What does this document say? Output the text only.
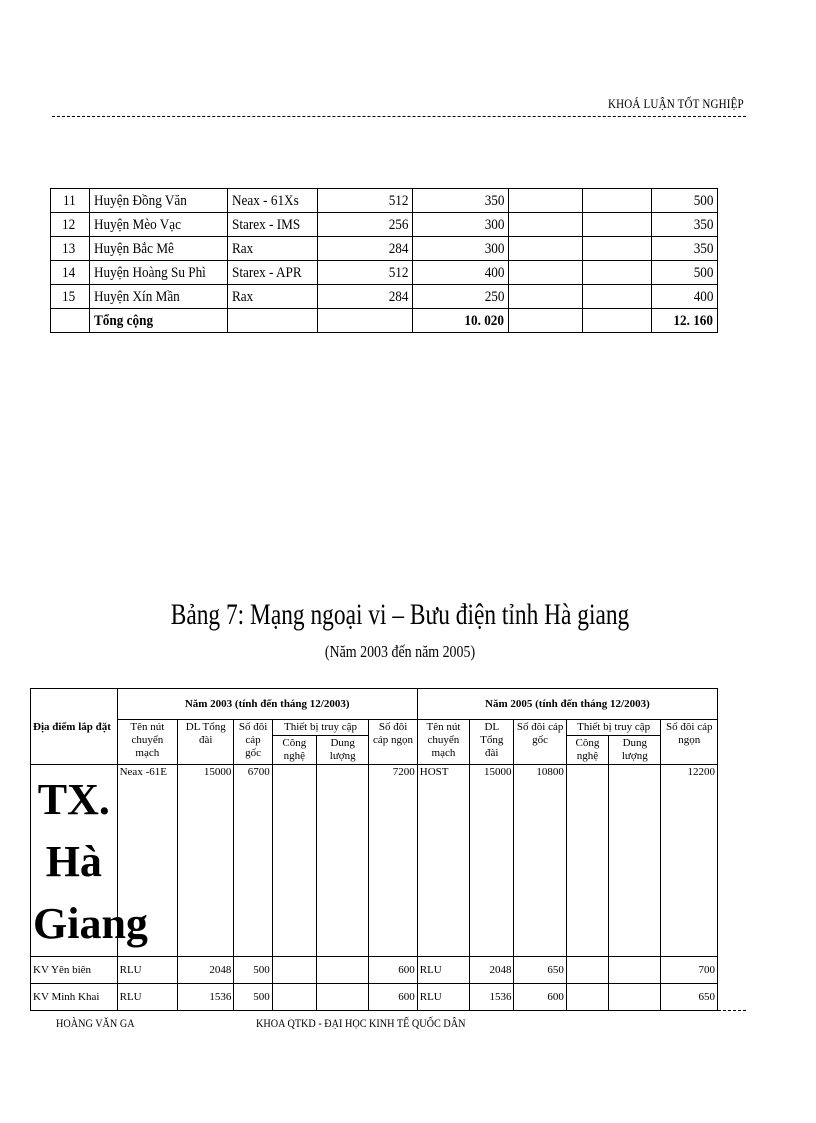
KHOÁ LUẬN TỐT NGHIỆP
11	Huyện Đồng Văn	Neax - 61Xs	512	350			500
12	Huyện Mèo Vạc	Starex - IMS	256	300			350
13	Huyện Bắc Mê	Rax	284	300			350
14	Huyện Hoàng Su Phì	Starex - APR	512	400			500
15	Huyện Xín Mần	Rax	284	250			400
	Tổng cộng			10. 020			12. 160
Bảng 7: Mạng ngoại vi – Bưu điện tỉnh Hà giang
(Năm 2003 đến năm 2005)
Địa điểm lắp đặt	Năm 2003 (tính đến tháng 12/2003)						Năm 2005 (tính đến tháng 12/2003)					
	Tên nút chuyển mạch	DL Tổng đài	Số đôi cáp gốc	Thiết bị truy cập		Số đôi cáp ngọn	Tên nút chuyển mạch	DL Tổng đài	Số đôi cáp gốc	Thiết bị truy cập		Số đôi cáp ngọn
				Công nghệ	Dung lượng					Công nghệ	Dung lượng	
TX. Hà Giang	Neax -61E	15000	6700			7200	HOST	15000	10800			12200
KV Yên biên	RLU	2048	500			600	RLU	2048	650			700
KV Minh Khai	RLU	1536	500			600	RLU	1536	600			650
HOÀNG VĂN GA	KHOA QTKD - ĐẠI HỌC KINH TẾ QUỐC DÂN
